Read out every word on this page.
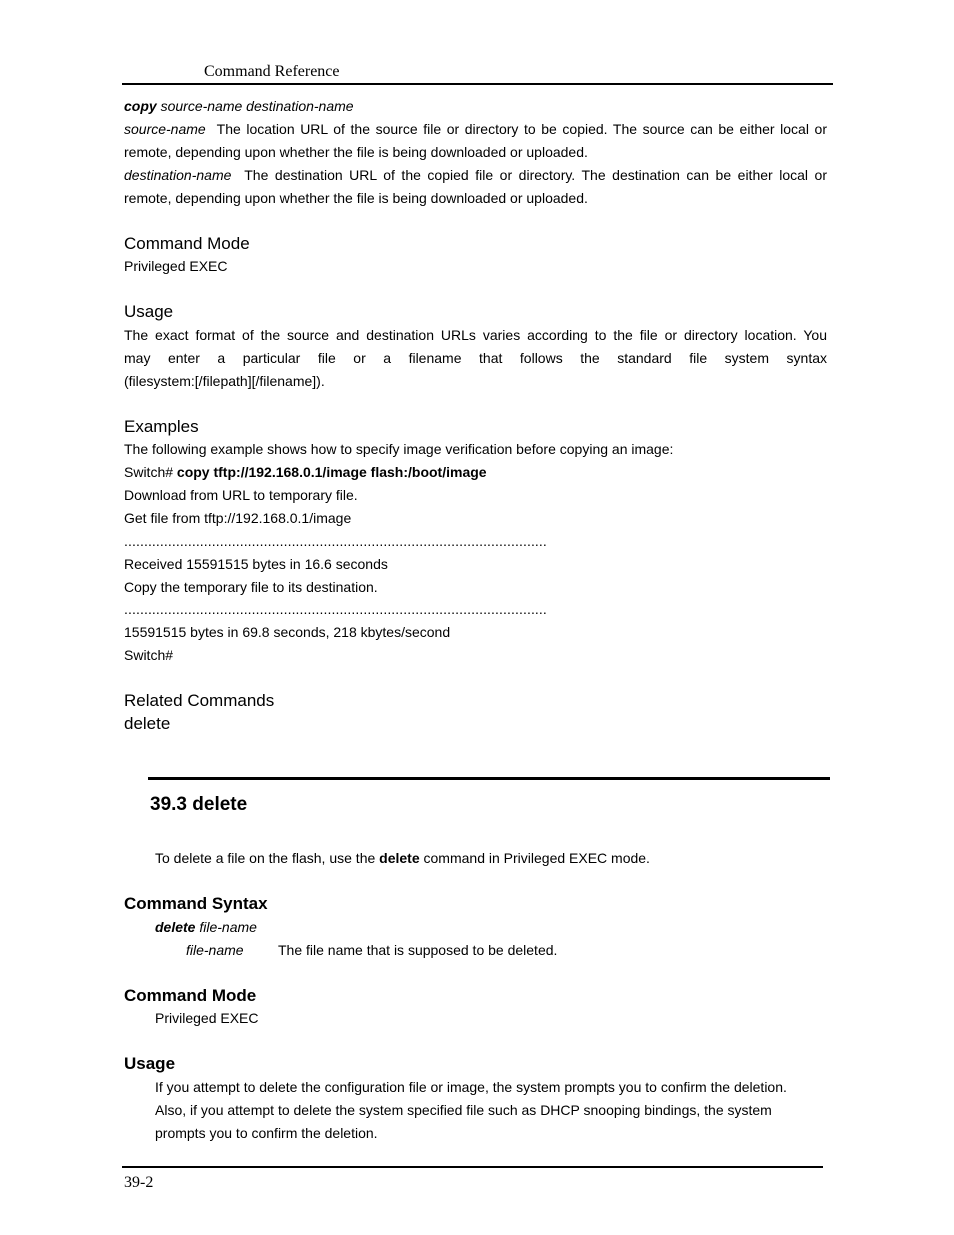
Command Reference
copy source-name destination-name
source-name The location URL of the source file or directory to be copied. The source can be either local or
remote, depending upon whether the file is being downloaded or uploaded.
destination-name The destination URL of the copied file or directory. The destination can be either local or
remote, depending upon whether the file is being downloaded or uploaded.
Command Mode
Privileged EXEC
Usage
The exact format of the source and destination URLs varies according to the file or directory location. You
may enter a particular file or a filename that follows the standard file system syntax
(filesystem:[/filepath][/filename]).
Examples
The following example shows how to specify image verification before copying an image:
Switch# copy tftp://192.168.0.1/image flash:/boot/image
Download from URL to temporary file.
Get file from tftp://192.168.0.1/image
..........................................................................................................
Received 15591515 bytes in 16.6 seconds
Copy the temporary file to its destination.
..........................................................................................................
15591515 bytes in 69.8 seconds, 218 kbytes/second
Switch#
Related Commands
delete
39.3 delete
To delete a file on the flash, use the delete command in Privileged EXEC mode.
Command Syntax
delete file-name
file-name The file name that is supposed to be deleted.
Command Mode
Privileged EXEC
Usage
If you attempt to delete the configuration file or image, the system prompts you to confirm the deletion.
Also, if you attempt to delete the system specified file such as DHCP snooping bindings, the system
prompts you to confirm the deletion.
39-2
